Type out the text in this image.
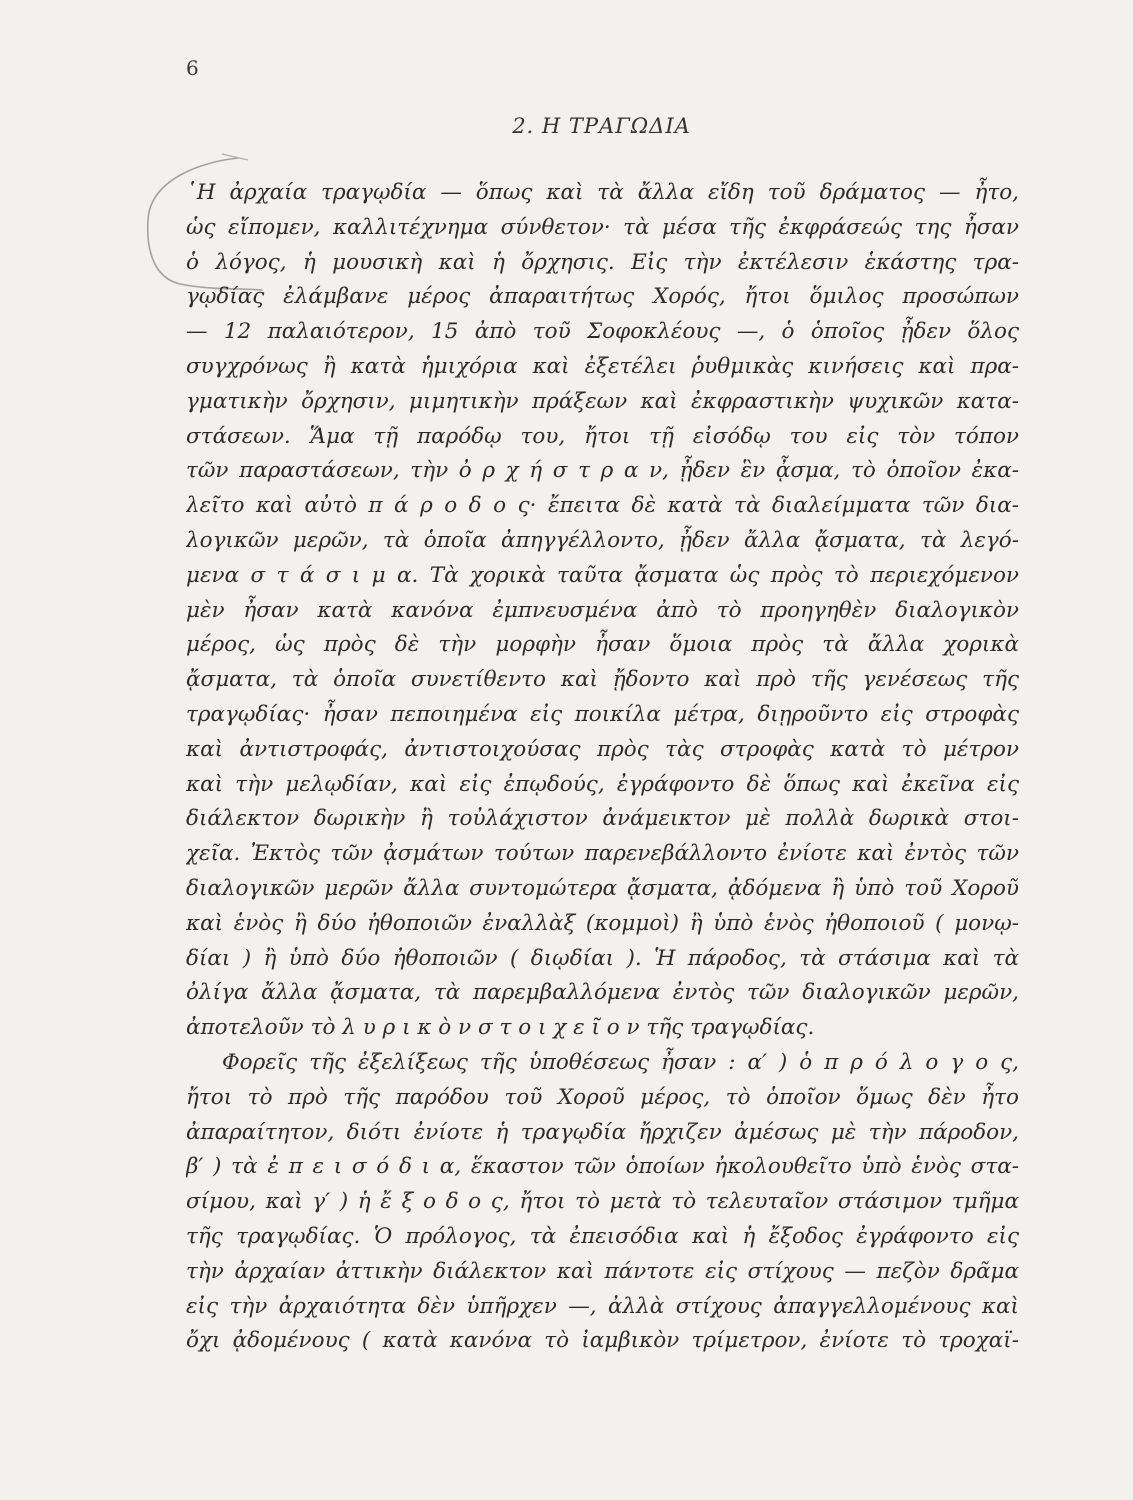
6
2. Η ΤΡΑΓΩΔΙΑ
῾Η ἀρχαία τραγῳδία — ὅπως καὶ τὰ ἄλλα εἴδη τοῦ δράματος — ἦτο,
ὡς εἴπομεν, καλλιτέχνημα σύνθετον· τὰ μέσα τῆς ἐκφράσεώς της ἦσαν
ὁ λόγος, ἡ μουσικὴ καὶ ἡ ὄρχησις. Εἰς τὴν ἐκτέλεσιν ἑκάστης τρα-
γῳδίας ἐλάμβανε μέρος ἀπαραιτήτως Χορός, ἤτοι ὅμιλος προσώπων
— 12 παλαιότερον, 15 ἀπὸ τοῦ Σοφοκλέους —, ὁ ὁποῖος ᾖδεν ὅλος
συγχρόνως ἢ κατὰ ἡμιχόρια καὶ ἐξετέλει ῥυθμικὰς κινήσεις καὶ πρα-
γματικὴν ὄρχησιν, μιμητικὴν πράξεων καὶ ἐκφραστικὴν ψυχικῶν κατα-
στάσεων. Ἅμα τῇ παρόδῳ του, ἤτοι τῇ εἰσόδῳ του εἰς τὸν τόπον
τῶν παραστάσεων, τὴν ὀ ρ χ ή σ τ ρ α ν, ᾖδεν ἓν ᾆσμα, τὸ ὁποῖον ἐκα-
λεῖτο καὶ αὐτὸ π ά ρ ο δ ο ς· ἔπειτα δὲ κατὰ τὰ διαλείμματα τῶν δια-
λογικῶν μερῶν, τὰ ὁποῖα ἀπηγγέλλοντο, ᾖδεν ἄλλα ᾄσματα, τὰ λεγό-
μενα σ τ ά σ ι μ α. Τὰ χορικὰ ταῦτα ᾄσματα ὡς πρὸς τὸ περιεχόμενον
μὲν ἦσαν κατὰ κανόνα ἐμπνευσμένα ἀπὸ τὸ προηγηθὲν διαλογικὸν
μέρος, ὡς πρὸς δὲ τὴν μορφὴν ἦσαν ὅμοια πρὸς τὰ ἄλλα χορικὰ
ᾄσματα, τὰ ὁποῖα συνετίθεντο καὶ ᾔδοντο καὶ πρὸ τῆς γενέσεως τῆς
τραγῳδίας· ἦσαν πεποιημένα εἰς ποικίλα μέτρα, διῃροῦντο εἰς στροφὰς
καὶ ἀντιστροφάς, ἀντιστοιχούσας πρὸς τὰς στροφὰς κατὰ τὸ μέτρον
καὶ τὴν μελῳδίαν, καὶ εἰς ἐπῳδούς, ἐγράφοντο δὲ ὅπως καὶ ἐκεῖνα εἰς
διάλεκτον δωρικὴν ἢ τοὐλάχιστον ἀνάμεικτον μὲ πολλὰ δωρικὰ στοι-
χεῖα. Ἐκτὸς τῶν ᾀσμάτων τούτων παρενεβάλλοντο ἐνίοτε καὶ ἐντὸς τῶν
διαλογικῶν μερῶν ἄλλα συντομώτερα ᾄσματα, ᾀδόμενα ἢ ὑπὸ τοῦ Χοροῦ
καὶ ἑνὸς ἢ δύο ἠθοποιῶν ἐναλλὰξ (κομμοὶ) ἢ ὑπὸ ἑνὸς ἠθοποιοῦ ( μονῳ-
δίαι ) ἢ ὑπὸ δύο ἠθοποιῶν ( διῳδίαι ). Ἡ πάροδος, τὰ στάσιμα καὶ τὰ
ὀλίγα ἄλλα ᾄσματα, τὰ παρεμβαλλόμενα ἐντὸς τῶν διαλογικῶν μερῶν,
ἀποτελοῦν τὸ λ υ ρ ι κ ὸ ν σ τ ο ι χ ε ῖ ο ν τῆς τραγῳδίας.
Φορεῖς τῆς ἐξελίξεως τῆς ὑποθέσεως ἦσαν : α′ ) ὁ π ρ ό λ ο γ ο ς,
ἤτοι τὸ πρὸ τῆς παρόδου τοῦ Χοροῦ μέρος, τὸ ὁποῖον ὅμως δὲν ἦτο
ἀπαραίτητον, διότι ἐνίοτε ἡ τραγῳδία ἤρχιζεν ἀμέσως μὲ τὴν πάροδον,
β′ ) τὰ ἐ π ε ι σ ό δ ι α, ἕκαστον τῶν ὁποίων ἠκολουθεῖτο ὑπὸ ἑνὸς στα-
σίμου, καὶ γ′ ) ἡ ἔ ξ ο δ ο ς, ἤτοι τὸ μετὰ τὸ τελευταῖον στάσιμον τμῆμα
τῆς τραγῳδίας. Ὁ πρόλογος, τὰ ἐπεισόδια καὶ ἡ ἔξοδος ἐγράφοντο εἰς
τὴν ἀρχαίαν ἀττικὴν διάλεκτον καὶ πάντοτε εἰς στίχους — πεζὸν δρᾶμα
εἰς τὴν ἀρχαιότητα δὲν ὑπῆρχεν —, ἀλλὰ στίχους ἀπαγγελλομένους καὶ
ὄχι ᾀδομένους ( κατὰ κανόνα τὸ ἰαμβικὸν τρίμετρον, ἐνίοτε τὸ τροχαϊ-
